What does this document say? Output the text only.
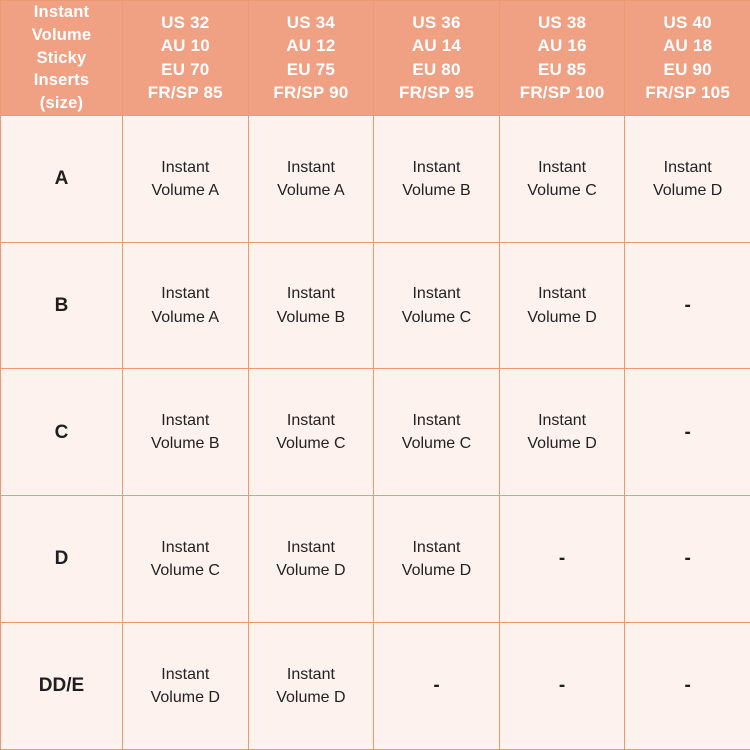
Instant
Volume
Sticky
Inserts
(size)	US 32
AU 10
EU 70
FR/SP 85	US 34
AU 12
EU 75
FR/SP 90	US 36
AU 14
EU 80
FR/SP 95	US 38
AU 16
EU 85
FR/SP 100	US 40
AU 18
EU 90
FR/SP 105

A	Instant
Volume A	Instant
Volume A	Instant
Volume B	Instant
Volume C	Instant
Volume D

B	Instant
Volume A	Instant
Volume B	Instant
Volume C	Instant
Volume D	-

C	Instant
Volume B	Instant
Volume C	Instant
Volume C	Instant
Volume D	-

D	Instant
Volume C	Instant
Volume D	Instant
Volume D	-	-

DD/E	Instant
Volume D	Instant
Volume D	-	-	-
